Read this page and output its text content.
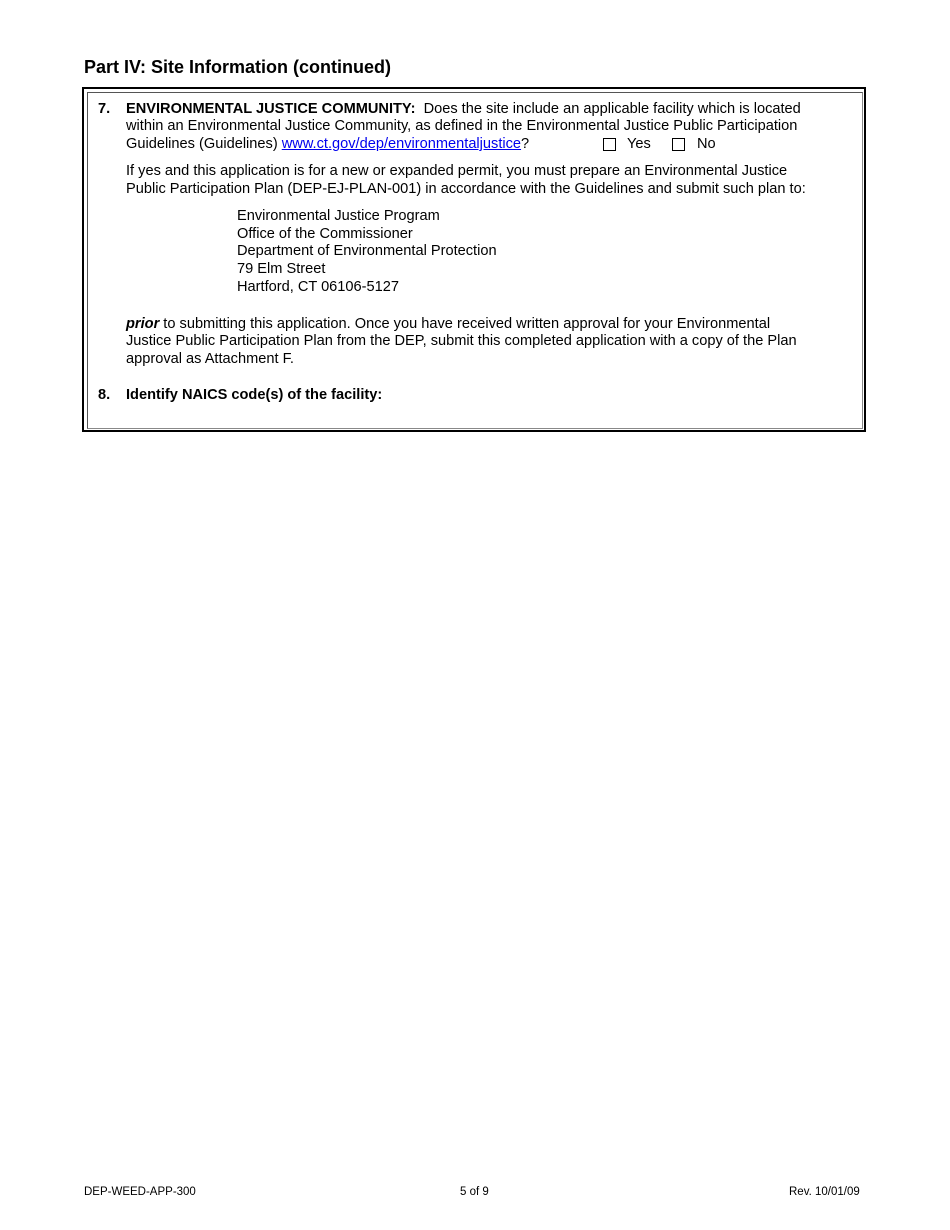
Part IV: Site Information (continued)
7. ENVIRONMENTAL JUSTICE COMMUNITY: Does the site include an applicable facility which is located
within an Environmental Justice Community, as defined in the Environmental Justice Public Participation
Guidelines (Guidelines) www.ct.gov/dep/environmentaljustice?	Yes	No
If yes and this application is for a new or expanded permit, you must prepare an Environmental Justice
Public Participation Plan (DEP-EJ-PLAN-001) in accordance with the Guidelines and submit such plan to:
Environmental Justice Program
Office of the Commissioner
Department of Environmental Protection
79 Elm Street
Hartford, CT 06106-5127
prior to submitting this application. Once you have received written approval for your Environmental
Justice Public Participation Plan from the DEP, submit this completed application with a copy of the Plan
approval as Attachment F.
8. Identify NAICS code(s) of the facility:
DEP-WEED-APP-300	5 of 9	Rev. 10/01/09
